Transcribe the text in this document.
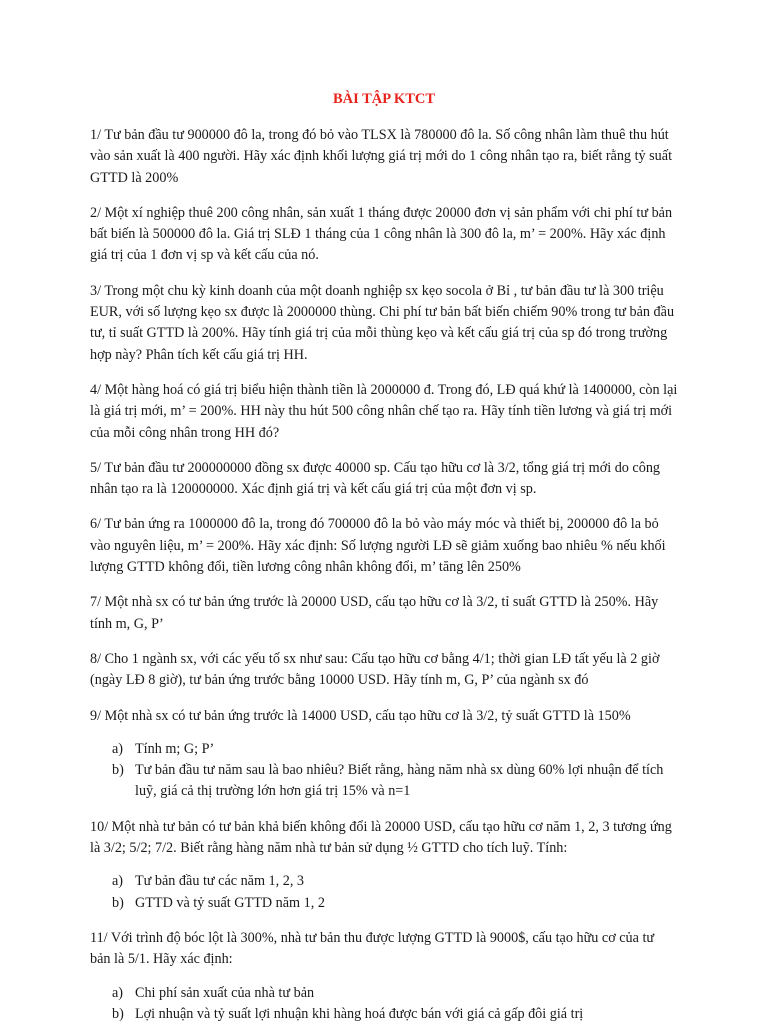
BÀI TẬP KTCT

1/ Tư bản đầu tư 900000 đô la, trong đó bỏ vào TLSX là 780000 đô la. Số công nhân làm thuê thu hút vào sản xuất là 400 người. Hãy xác định khối lượng giá trị mới do 1 công nhân tạo ra, biết rằng tỷ suất GTTD là 200%

2/ Một xí nghiệp thuê 200 công nhân, sản xuất 1 tháng được 20000 đơn vị sản phẩm với chi phí tư bản bất biến là 500000 đô la. Giá trị SLĐ 1 tháng của 1 công nhân là 300 đô la, m’ = 200%. Hãy xác định giá trị của 1 đơn vị sp và kết cấu của nó.

3/ Trong một chu kỳ kinh doanh của một doanh nghiệp sx kẹo socola ở Bỉ , tư bản đầu tư là 300 triệu EUR, với số lượng kẹo sx được là 2000000 thùng. Chi phí tư bản bất biến chiếm 90% trong tư bản đầu tư, tỉ suất GTTD là 200%. Hãy tính giá trị của mỗi thùng kẹo và kết cấu giá trị của sp đó trong trường hợp này? Phân tích kết cấu giá trị HH.

4/ Một hàng hoá có giá trị biểu hiện thành tiền là 2000000 đ. Trong đó, LĐ quá khứ là 1400000, còn lại là giá trị mới, m’ = 200%. HH này thu hút 500 công nhân chế tạo ra. Hãy tính tiền lương và giá trị mới của mỗi công nhân trong HH đó?

5/ Tư bản đầu tư 200000000 đồng sx được 40000 sp. Cấu tạo hữu cơ là 3/2, tổng giá trị mới do công nhân tạo ra là 120000000. Xác định giá trị và kết cấu giá trị của một đơn vị sp.

6/ Tư bản ứng ra 1000000 đô la, trong đó 700000 đô la bỏ vào máy móc và thiết bị, 200000 đô la bỏ vào nguyên liệu, m’ = 200%. Hãy xác định: Số lượng người LĐ sẽ giảm xuống bao nhiêu % nếu khối lượng GTTD không đổi, tiền lương công nhân không đổi, m’ tăng lên 250%

7/ Một nhà sx có tư bản ứng trước là 20000 USD, cấu tạo hữu cơ là 3/2, tỉ suất GTTD là 250%. Hãy tính m, G, P’

8/ Cho 1 ngành sx, với các yếu tố sx như sau: Cấu tạo hữu cơ bằng 4/1; thời gian LĐ tất yếu là 2 giờ (ngày LĐ 8 giờ), tư bản ứng trước bằng 10000 USD. Hãy tính m, G, P’ của ngành sx đó

9/ Một nhà sx có tư bản ứng trước là 14000 USD, cấu tạo hữu cơ là 3/2, tỷ suất GTTD là 150%

a) Tính m; G; P’
b) Tư bản đầu tư năm sau là bao nhiêu? Biết rằng, hàng năm nhà sx dùng 60% lợi nhuận để tích luỹ, giá cả thị trường lớn hơn giá trị 15% và n=1

10/ Một nhà tư bản có tư bản khả biến không đổi là 20000 USD, cấu tạo hữu cơ năm 1, 2, 3 tương ứng là 3/2; 5/2; 7/2. Biết rằng hàng năm nhà tư bản sử dụng ½ GTTD cho tích luỹ. Tính:

a) Tư bản đầu tư các năm 1, 2, 3
b) GTTD và tỷ suất GTTD năm 1, 2

11/ Với trình độ bóc lột là 300%, nhà tư bản thu được lượng GTTD là 9000$, cấu tạo hữu cơ của tư bản là 5/1. Hãy xác định:

a) Chi phí sản xuất của nhà tư bản
b) Lợi nhuận và tỷ suất lợi nhuận khi hàng hoá được bán với giá cả gấp đôi giá trị
